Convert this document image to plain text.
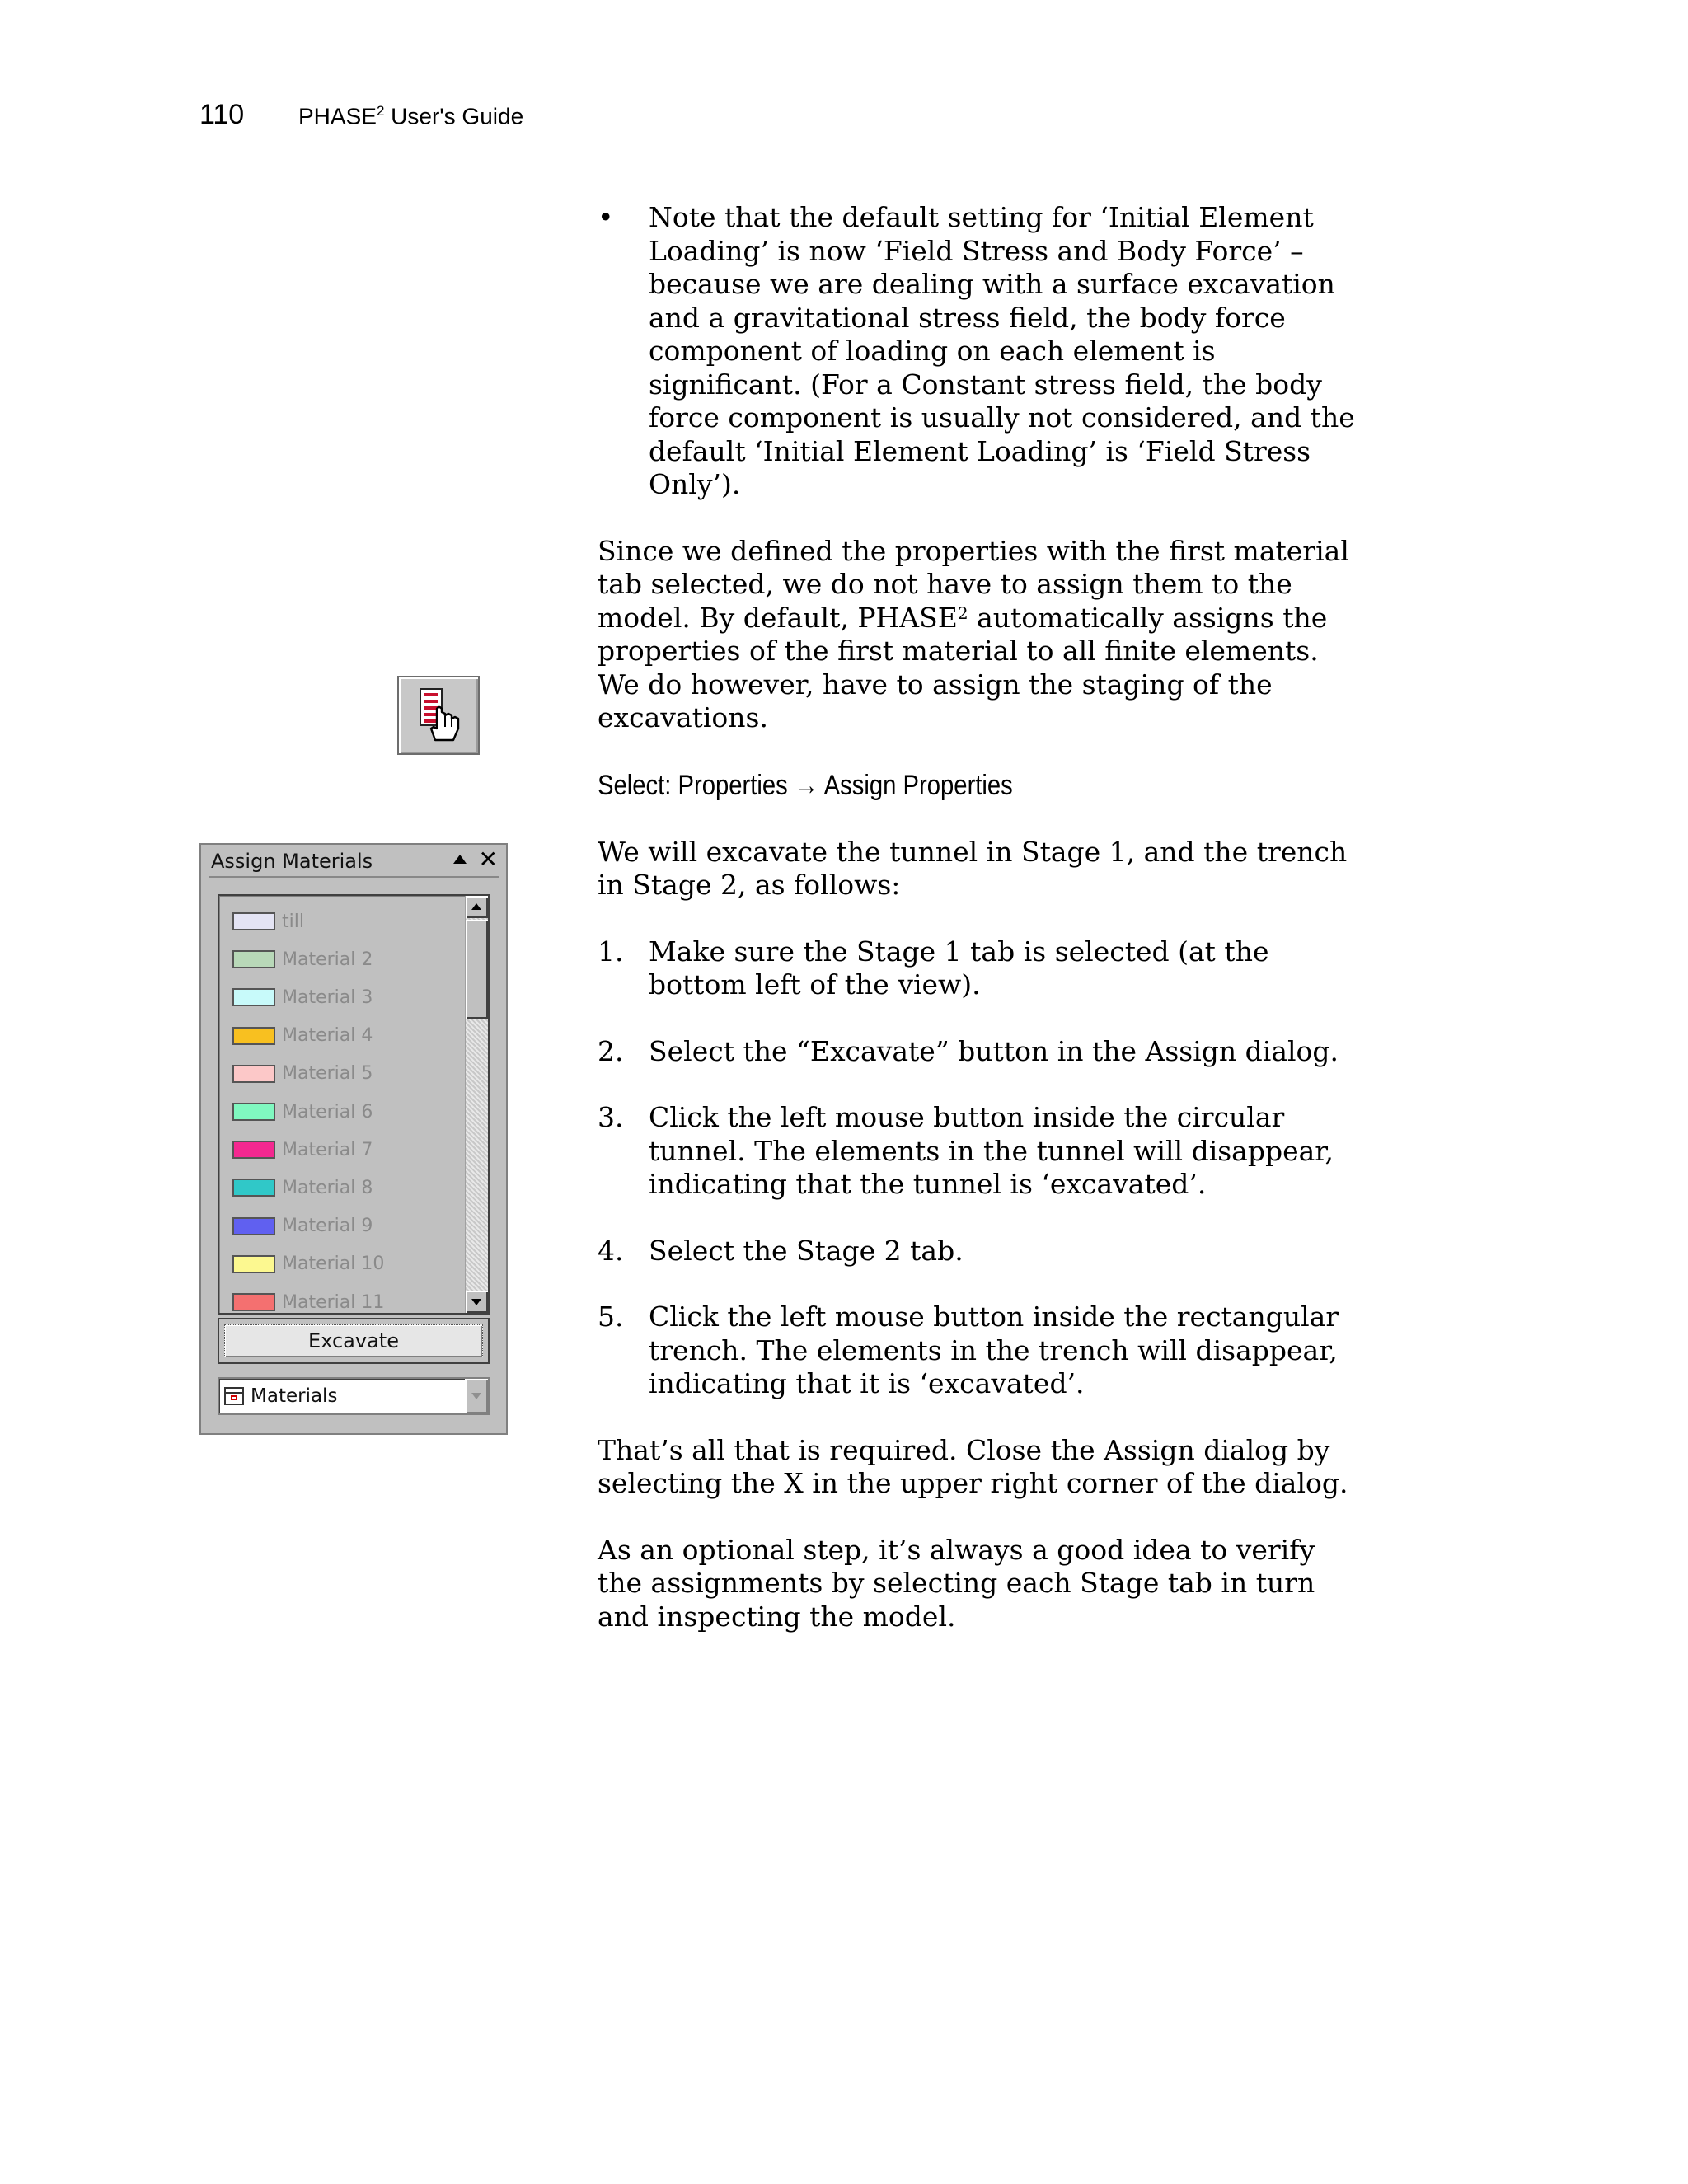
110	PHASE$^2$ User's Guide
Assign Materials	✕
till
Material 2
Material 3
Material 4
Material 5
Material 6
Material 7
Material 8
Material 9
Material 10
Material 11
Excavate
Materials
• Note that the default setting for ‘Initial Element Loading’ is now ‘Field Stress and Body Force’ – because we are dealing with a surface excavation and a gravitational stress field, the body force component of loading on each element is significant. (For a Constant stress field, the body force component is usually not considered, and the default ‘Initial Element Loading’ is ‘Field Stress Only’).

Since we defined the properties with the first material tab selected, we do not have to assign them to the model. By default, PHASE$^2$ automatically assigns the properties of the first material to all finite elements. We do however, have to assign the staging of the excavations.

Select: Properties → Assign Properties

We will excavate the tunnel in Stage 1, and the trench in Stage 2, as follows:

1. Make sure the Stage 1 tab is selected (at the bottom left of the view).
2. Select the “Excavate” button in the Assign dialog.
3. Click the left mouse button inside the circular tunnel. The elements in the tunnel will disappear, indicating that the tunnel is ‘excavated’.
4. Select the Stage 2 tab.
5. Click the left mouse button inside the rectangular trench. The elements in the trench will disappear, indicating that it is ‘excavated’.

That’s all that is required. Close the Assign dialog by selecting the X in the upper right corner of the dialog.

As an optional step, it’s always a good idea to verify the assignments by selecting each Stage tab in turn and inspecting the model.
